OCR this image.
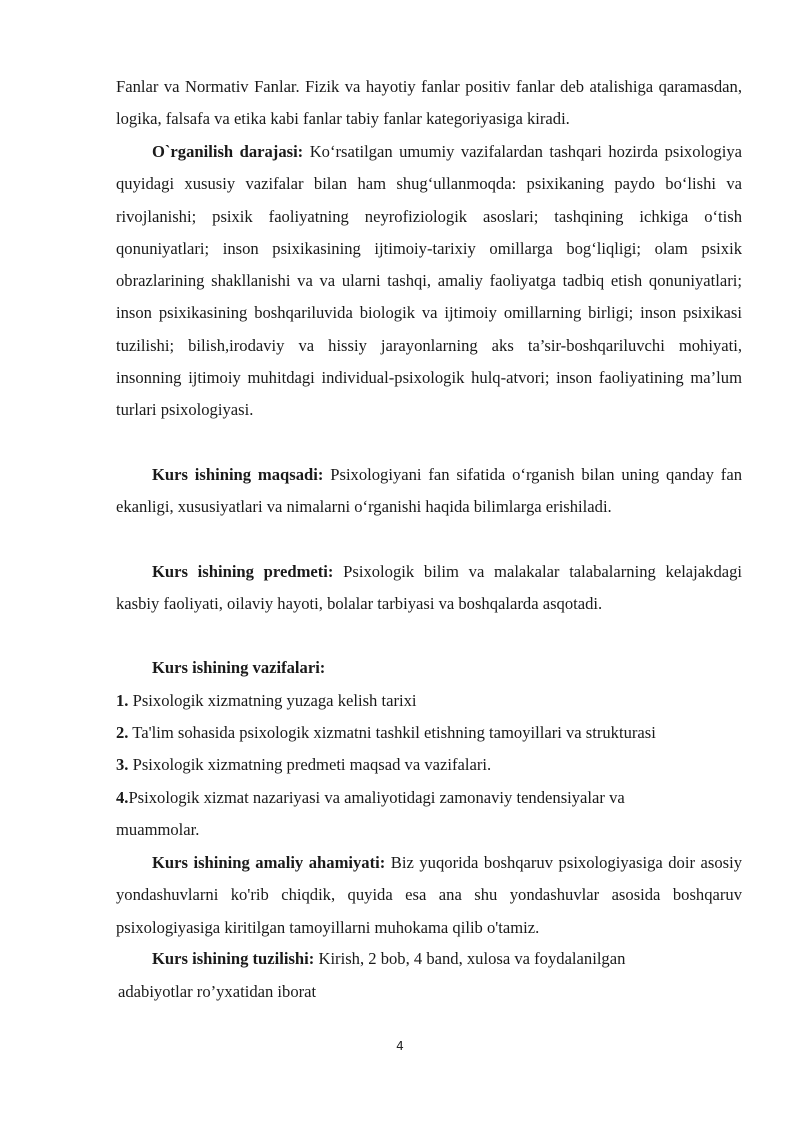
Fanlar va Normativ Fanlar. Fizik va hayotiy fanlar positiv fanlar deb atalishiga qaramasdan, logika, falsafa va etika kabi fanlar tabiy fanlar kategoriyasiga kiradi.

O`rganilish darajasi: Ko‘rsatilgan umumiy vazifalardan tashqari hozirda psixologiya quyidagi xususiy vazifalar bilan ham shug‘ullanmoqda: psixikaning paydo bo‘lishi va rivojlanishi; psixik faoliyatning neyrofiziologik asoslari; tashqining ichkiga o‘tish qonuniyatlari; inson psixikasining ijtimoiy-tarixiy omillarga bog‘liqligi; olam psixik obrazlarining shakllanishi va va ularni tashqi, amaliy faoliyatga tadbiq etish qonuniyatlari; inson psixikasining boshqariluvida biologik va ijtimoiy omillarning birligi; inson psixikasi tuzilishi; bilish,irodaviy va hissiy jarayonlarning aks ta’sir-boshqariluvchi mohiyati, insonning ijtimoiy muhitdagi individual-psixologik hulq-atvori; inson faoliyatining ma’lum turlari psixologiyasi.

Kurs ishining maqsadi: Psixologiyani fan sifatida o‘rganish bilan uning qanday fan ekanligi, xususiyatlari va nimalarni o‘rganishi haqida bilimlarga erishiladi.

Kurs ishining predmeti: Psixologik bilim va malakalar talabalarning kelajakdagi kasbiy faoliyati, oilaviy hayoti, bolalar tarbiyasi va boshqalarda asqotadi.

Kurs ishining vazifalari:

1. Psixologik xizmatning yuzaga kelish tarixi

2. Ta'lim sohasida psixologik xizmatni tashkil etishning tamoyillari va strukturasi

3. Psixologik xizmatning predmeti maqsad va vazifalari.

4.Psixologik xizmat nazariyasi va amaliyotidagi zamonaviy tendensiyalar va

muammolar.

Kurs ishining amaliy ahamiyati: Biz yuqorida boshqaruv psixologiyasiga doir asosiy yondashuvlarni ko'rib chiqdik, quyida esa ana shu yondashuvlar asosida boshqaruv psixologiyasiga kiritilgan tamoyillarni muhokama qilib o'tamiz.

Kurs ishining tuzilishi: Kirish, 2 bob, 4 band, xulosa va foydalanilgan

adabiyotlar ro’yxatidan iborat

4
